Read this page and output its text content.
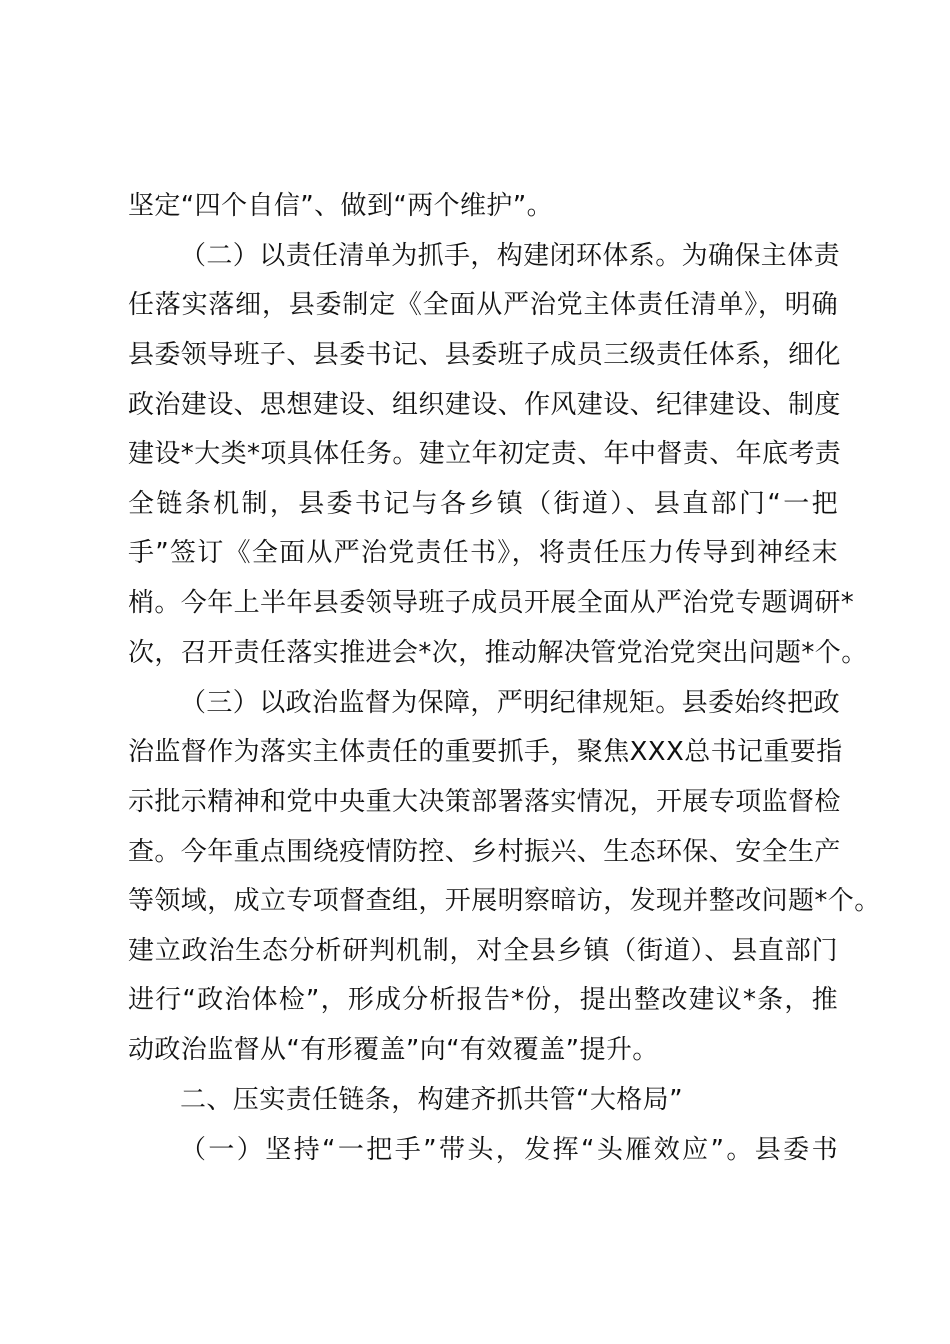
坚定“四个自信”、做到“两个维护”。
（二）以责任清单为抓手，构建闭环体系。为确保主体责
任落实落细，县委制定《全面从严治党主体责任清单》，明确
县委领导班子、县委书记、县委班子成员三级责任体系，细化
政治建设、思想建设、组织建设、作风建设、纪律建设、制度
建设*大类*项具体任务。建立年初定责、年中督责、年底考责
全链条机制，县委书记与各乡镇（街道）、县直部门“一把
手”签订《全面从严治党责任书》，将责任压力传导到神经末
梢。今年上半年县委领导班子成员开展全面从严治党专题调研*
次，召开责任落实推进会*次，推动解决管党治党突出问题*个。
（三）以政治监督为保障，严明纪律规矩。县委始终把政
治监督作为落实主体责任的重要抓手，聚焦XXX总书记重要指
示批示精神和党中央重大决策部署落实情况，开展专项监督检
查。今年重点围绕疫情防控、乡村振兴、生态环保、安全生产
等领域，成立专项督查组，开展明察暗访，发现并整改问题*个。
建立政治生态分析研判机制，对全县乡镇（街道）、县直部门
进行“政治体检”，形成分析报告*份，提出整改建议*条，推
动政治监督从“有形覆盖”向“有效覆盖”提升。
二、压实责任链条，构建齐抓共管“大格局”
（一）坚持“一把手”带头，发挥“头雁效应”。县委书
